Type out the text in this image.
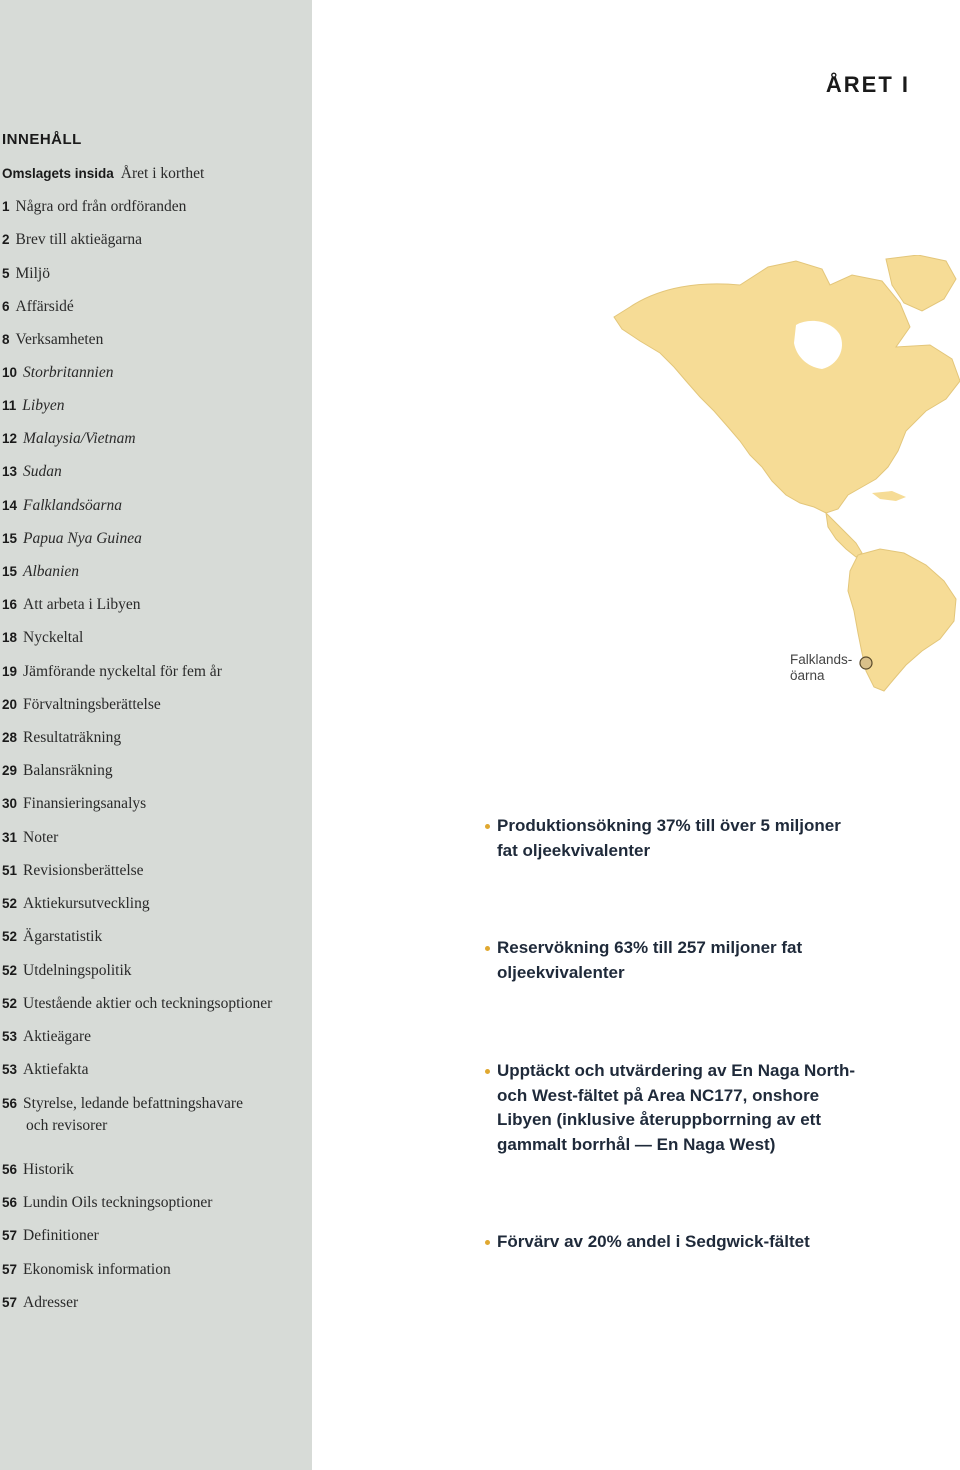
INNEHÅLL
Omslagets insida Året i korthet
1 Några ord från ordföranden
2 Brev till aktieägarna
5 Miljö
6 Affärsidé
8 Verksamheten
10 Storbritannien
11 Libyen
12 Malaysia/Vietnam
13 Sudan
14 Falklandsöarna
15 Papua Nya Guinea
15 Albanien
16 Att arbeta i Libyen
18 Nyckeltal
19 Jämförande nyckeltal för fem år
20 Förvaltningsberättelse
28 Resultaträkning
29 Balansräkning
30 Finansieringsanalys
31 Noter
51 Revisionsberättelse
52 Aktiekursutveckling
52 Ägarstatistik
52 Utdelningspolitik
52 Utestående aktier och teckningsoptioner
53 Aktieägare
53 Aktiefakta
56 Styrelse, ledande befattningshavare
och revisorer
56 Historik
56 Lundin Oils teckningsoptioner
57 Definitioner
57 Ekonomisk information
57 Adresser
ÅRET I
Falklands-
öarna
Produktionsökning 37% till över 5 miljoner
fat oljeekvivalenter
Reservökning 63% till 257 miljoner fat
oljeekvivalenter
Upptäckt och utvärdering av En Naga North-
och West-fältet på Area NC177, onshore
Libyen (inklusive återuppborrning av ett
gammalt borrhål — En Naga West)
Förvärv av 20% andel i Sedgwick-fältet
